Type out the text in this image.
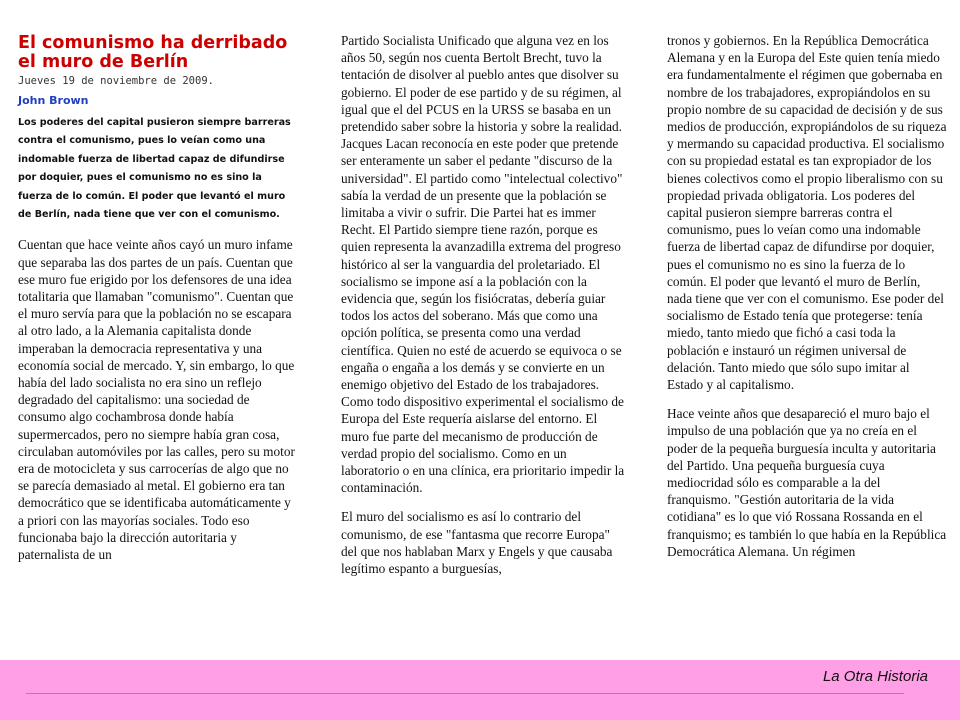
El comunismo ha derribado el muro de Berlín
Jueves 19 de noviembre de 2009.
John Brown
Los poderes del capital pusieron siempre barreras contra el comunismo, pues lo veían como una indomable fuerza de libertad capaz de difundirse por doquier, pues el comunismo no es sino la fuerza de lo común. El poder que levantó el muro de Berlín, nada tiene que ver con el comunismo.

Cuentan que hace veinte años cayó un muro infame que separaba las dos partes de un país. Cuentan que ese muro fue erigido por los defensores de una idea totalitaria que llamaban "comunismo". Cuentan que el muro servía para que la población no se escapara al otro lado, a la Alemania capitalista donde imperaban la democracia representativa y una economía social de mercado. Y, sin embargo, lo que había del lado socialista no era sino un reflejo degradado del capitalismo: una sociedad de consumo algo cochambrosa donde había supermercados, pero no siempre había gran cosa, circulaban automóviles por las calles, pero su motor era de motocicleta y sus carrocerías de algo que no se parecía demasiado al metal. El gobierno era tan democrático que se identificaba automáticamente y a priori con las mayorías sociales. Todo eso funcionaba bajo la dirección autoritaria y paternalista de un

Partido Socialista Unificado que alguna vez en los años 50, según nos cuenta Bertolt Brecht, tuvo la tentación de disolver al pueblo antes que disolver su gobierno. El poder de ese partido y de su régimen, al igual que el del PCUS en la URSS se basaba en un pretendido saber sobre la historia y sobre la realidad. Jacques Lacan reconocía en este poder que pretende ser enteramente un saber el pedante "discurso de la universidad". El partido como "intelectual colectivo" sabía la verdad de un presente que la población se limitaba a vivir o sufrir. Die Partei hat es immer Recht. El Partido siempre tiene razón, porque es quien representa la avanzadilla extrema del progreso histórico al ser la vanguardia del proletariado. El socialismo se impone así a la población con la evidencia que, según los fisiócratas, debería guiar todos los actos del soberano. Más que como una opción política, se presenta como una verdad científica. Quien no esté de acuerdo se equivoca o se engaña o engaña a los demás y se convierte en un enemigo objetivo del Estado de los trabajadores. Como todo dispositivo experimental el socialismo de Europa del Este requería aislarse del entorno. El muro fue parte del mecanismo de producción de verdad propio del socialismo. Como en un laboratorio o en una clínica, era prioritario impedir la contaminación.

El muro del socialismo es así lo contrario del comunismo, de ese "fantasma que recorre Europa" del que nos hablaban Marx y Engels y que causaba legítimo espanto a burguesías,

tronos y gobiernos. En la República Democrática Alemana y en la Europa del Este quien tenía miedo era fundamentalmente el régimen que gobernaba en nombre de los trabajadores, expropiándolos en su propio nombre de su capacidad de decisión y de sus medios de producción, expropiándolos de su riqueza y mermando su capacidad productiva. El socialismo con su propiedad estatal es tan expropiador de los bienes colectivos como el propio liberalismo con su propiedad privada obligatoria. Los poderes del capital pusieron siempre barreras contra el comunismo, pues lo veían como una indomable fuerza de libertad capaz de difundirse por doquier, pues el comunismo no es sino la fuerza de lo común. El poder que levantó el muro de Berlín, nada tiene que ver con el comunismo. Ese poder del socialismo de Estado tenía que protegerse: tenía miedo, tanto miedo que fichó a casi toda la población e instauró un régimen universal de delación. Tanto miedo que sólo supo imitar al Estado y al capitalismo.

Hace veinte años que desapareció el muro bajo el impulso de una población que ya no creía en el poder de la pequeña burguesía inculta y autoritaria del Partido. Una pequeña burguesía cuya mediocridad sólo es comparable a la del franquismo. "Gestión autoritaria de la vida cotidiana" es lo que vió Rossana Rossanda en el franquismo; es también lo que había en la República Democrática Alemana. Un régimen

La Otra Historia
